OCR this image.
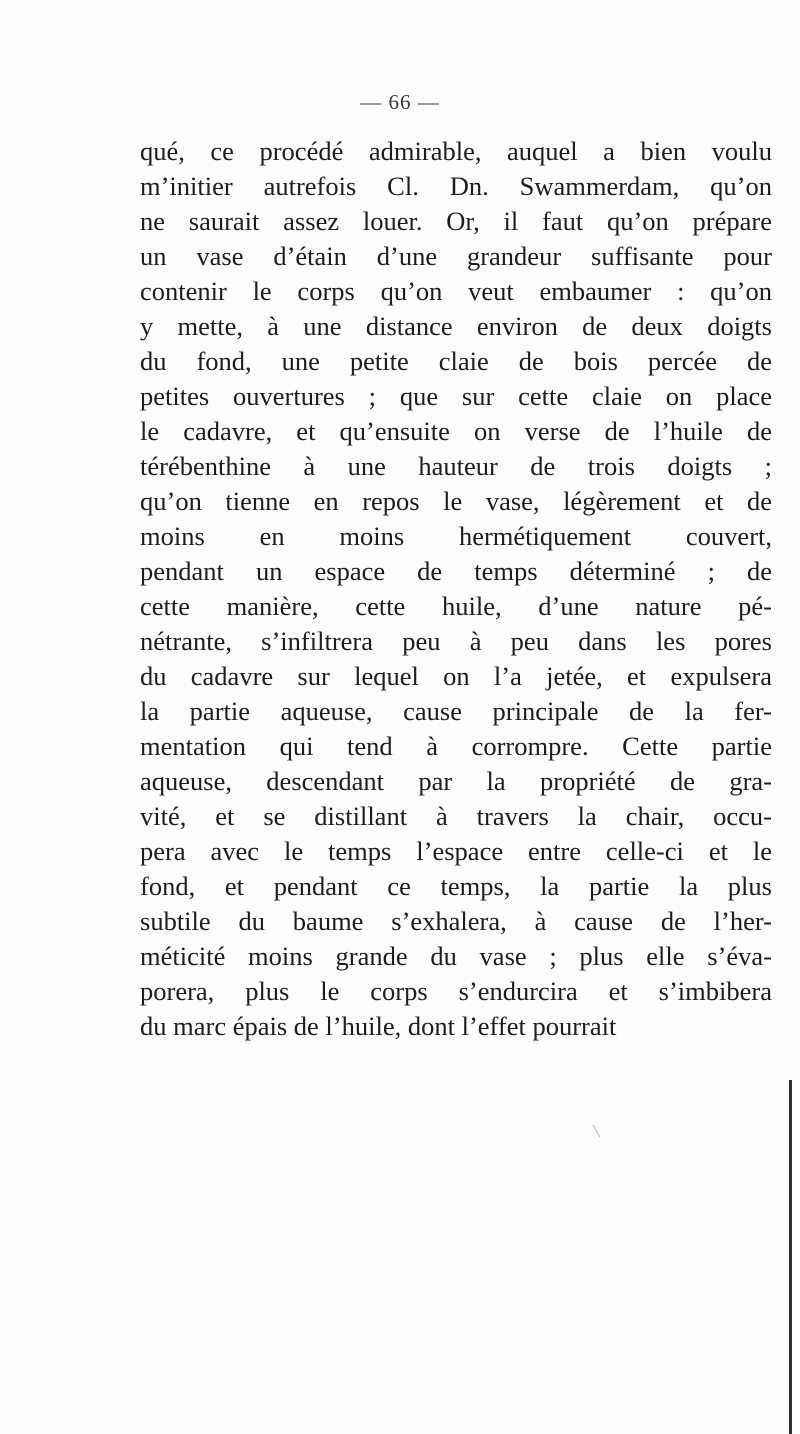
— 66 —
qué, ce procédé admirable, auquel a bien voulu
m’initier autrefois Cl. Dn. Swammerdam, qu’on
ne saurait assez louer. Or, il faut qu’on prépare
un vase d’étain d’une grandeur suffisante pour
contenir le corps qu’on veut embaumer : qu’on
y mette, à une distance environ de deux doigts
du fond, une petite claie de bois percée de
petites ouvertures ; que sur cette claie on place
le cadavre, et qu’ensuite on verse de l’huile de
térébenthine à une hauteur de trois doigts ;
qu’on tienne en repos le vase, légèrement et de
moins en moins hermétiquement couvert,
pendant un espace de temps déterminé ; de
cette manière, cette huile, d’une nature pé-
nétrante, s’infiltrera peu à peu dans les pores
du cadavre sur lequel on l’a jetée, et expulsera
la partie aqueuse, cause principale de la fer-
mentation qui tend à corrompre. Cette partie
aqueuse, descendant par la propriété de gra-
vité, et se distillant à travers la chair, occu-
pera avec le temps l’espace entre celle-ci et le
fond, et pendant ce temps, la partie la plus
subtile du baume s’exhalera, à cause de l’her-
méticité moins grande du vase ; plus elle s’éva-
porera, plus le corps s’endurcira et s’imbibera
du marc épais de l’huile, dont l’effet pourrait
